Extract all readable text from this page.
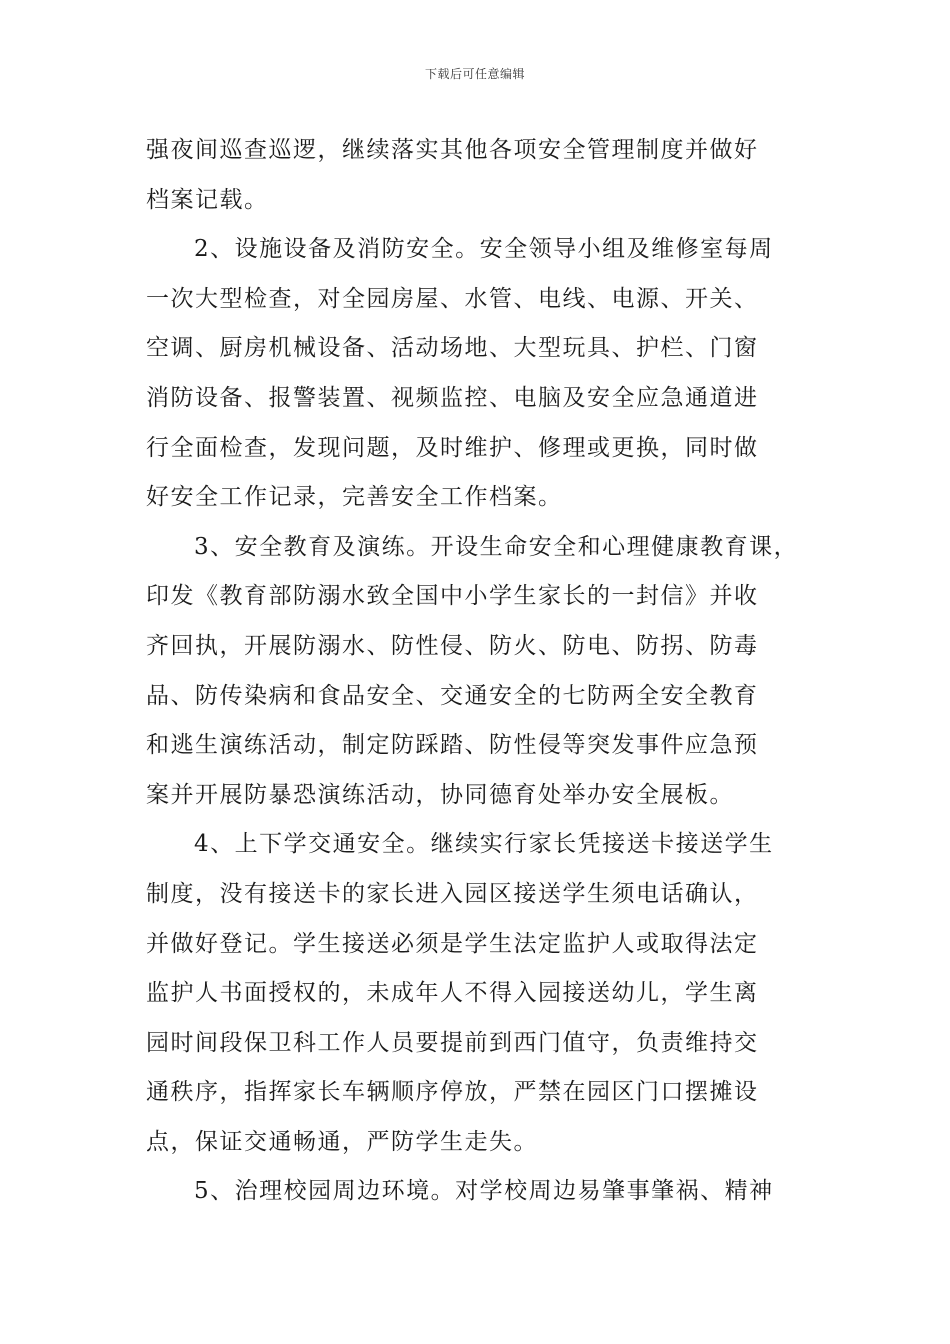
下载后可任意编辑
强夜间巡查巡逻，继续落实其他各项安全管理制度并做好
档案记载。
2、设施设备及消防安全。安全领导小组及维修室每周
一次大型检查，对全园房屋、水管、电线、电源、开关、
空调、厨房机械设备、活动场地、大型玩具、护栏、门窗
消防设备、报警装置、视频监控、电脑及安全应急通道进
行全面检查，发现问题，及时维护、修理或更换，同时做
好安全工作记录，完善安全工作档案。
3、安全教育及演练。开设生命安全和心理健康教育课，
印发《教育部防溺水致全国中小学生家长的一封信》并收
齐回执，开展防溺水、防性侵、防火、防电、防拐、防毒
品、防传染病和食品安全、交通安全的七防两全安全教育
和逃生演练活动，制定防踩踏、防性侵等突发事件应急预
案并开展防暴恐演练活动，协同德育处举办安全展板。
4、上下学交通安全。继续实行家长凭接送卡接送学生
制度，没有接送卡的家长进入园区接送学生须电话确认，
并做好登记。学生接送必须是学生法定监护人或取得法定
监护人书面授权的，未成年人不得入园接送幼儿，学生离
园时间段保卫科工作人员要提前到西门值守，负责维持交
通秩序，指挥家长车辆顺序停放，严禁在园区门口摆摊设
点，保证交通畅通，严防学生走失。
5、治理校园周边环境。对学校周边易肇事肇祸、精神
